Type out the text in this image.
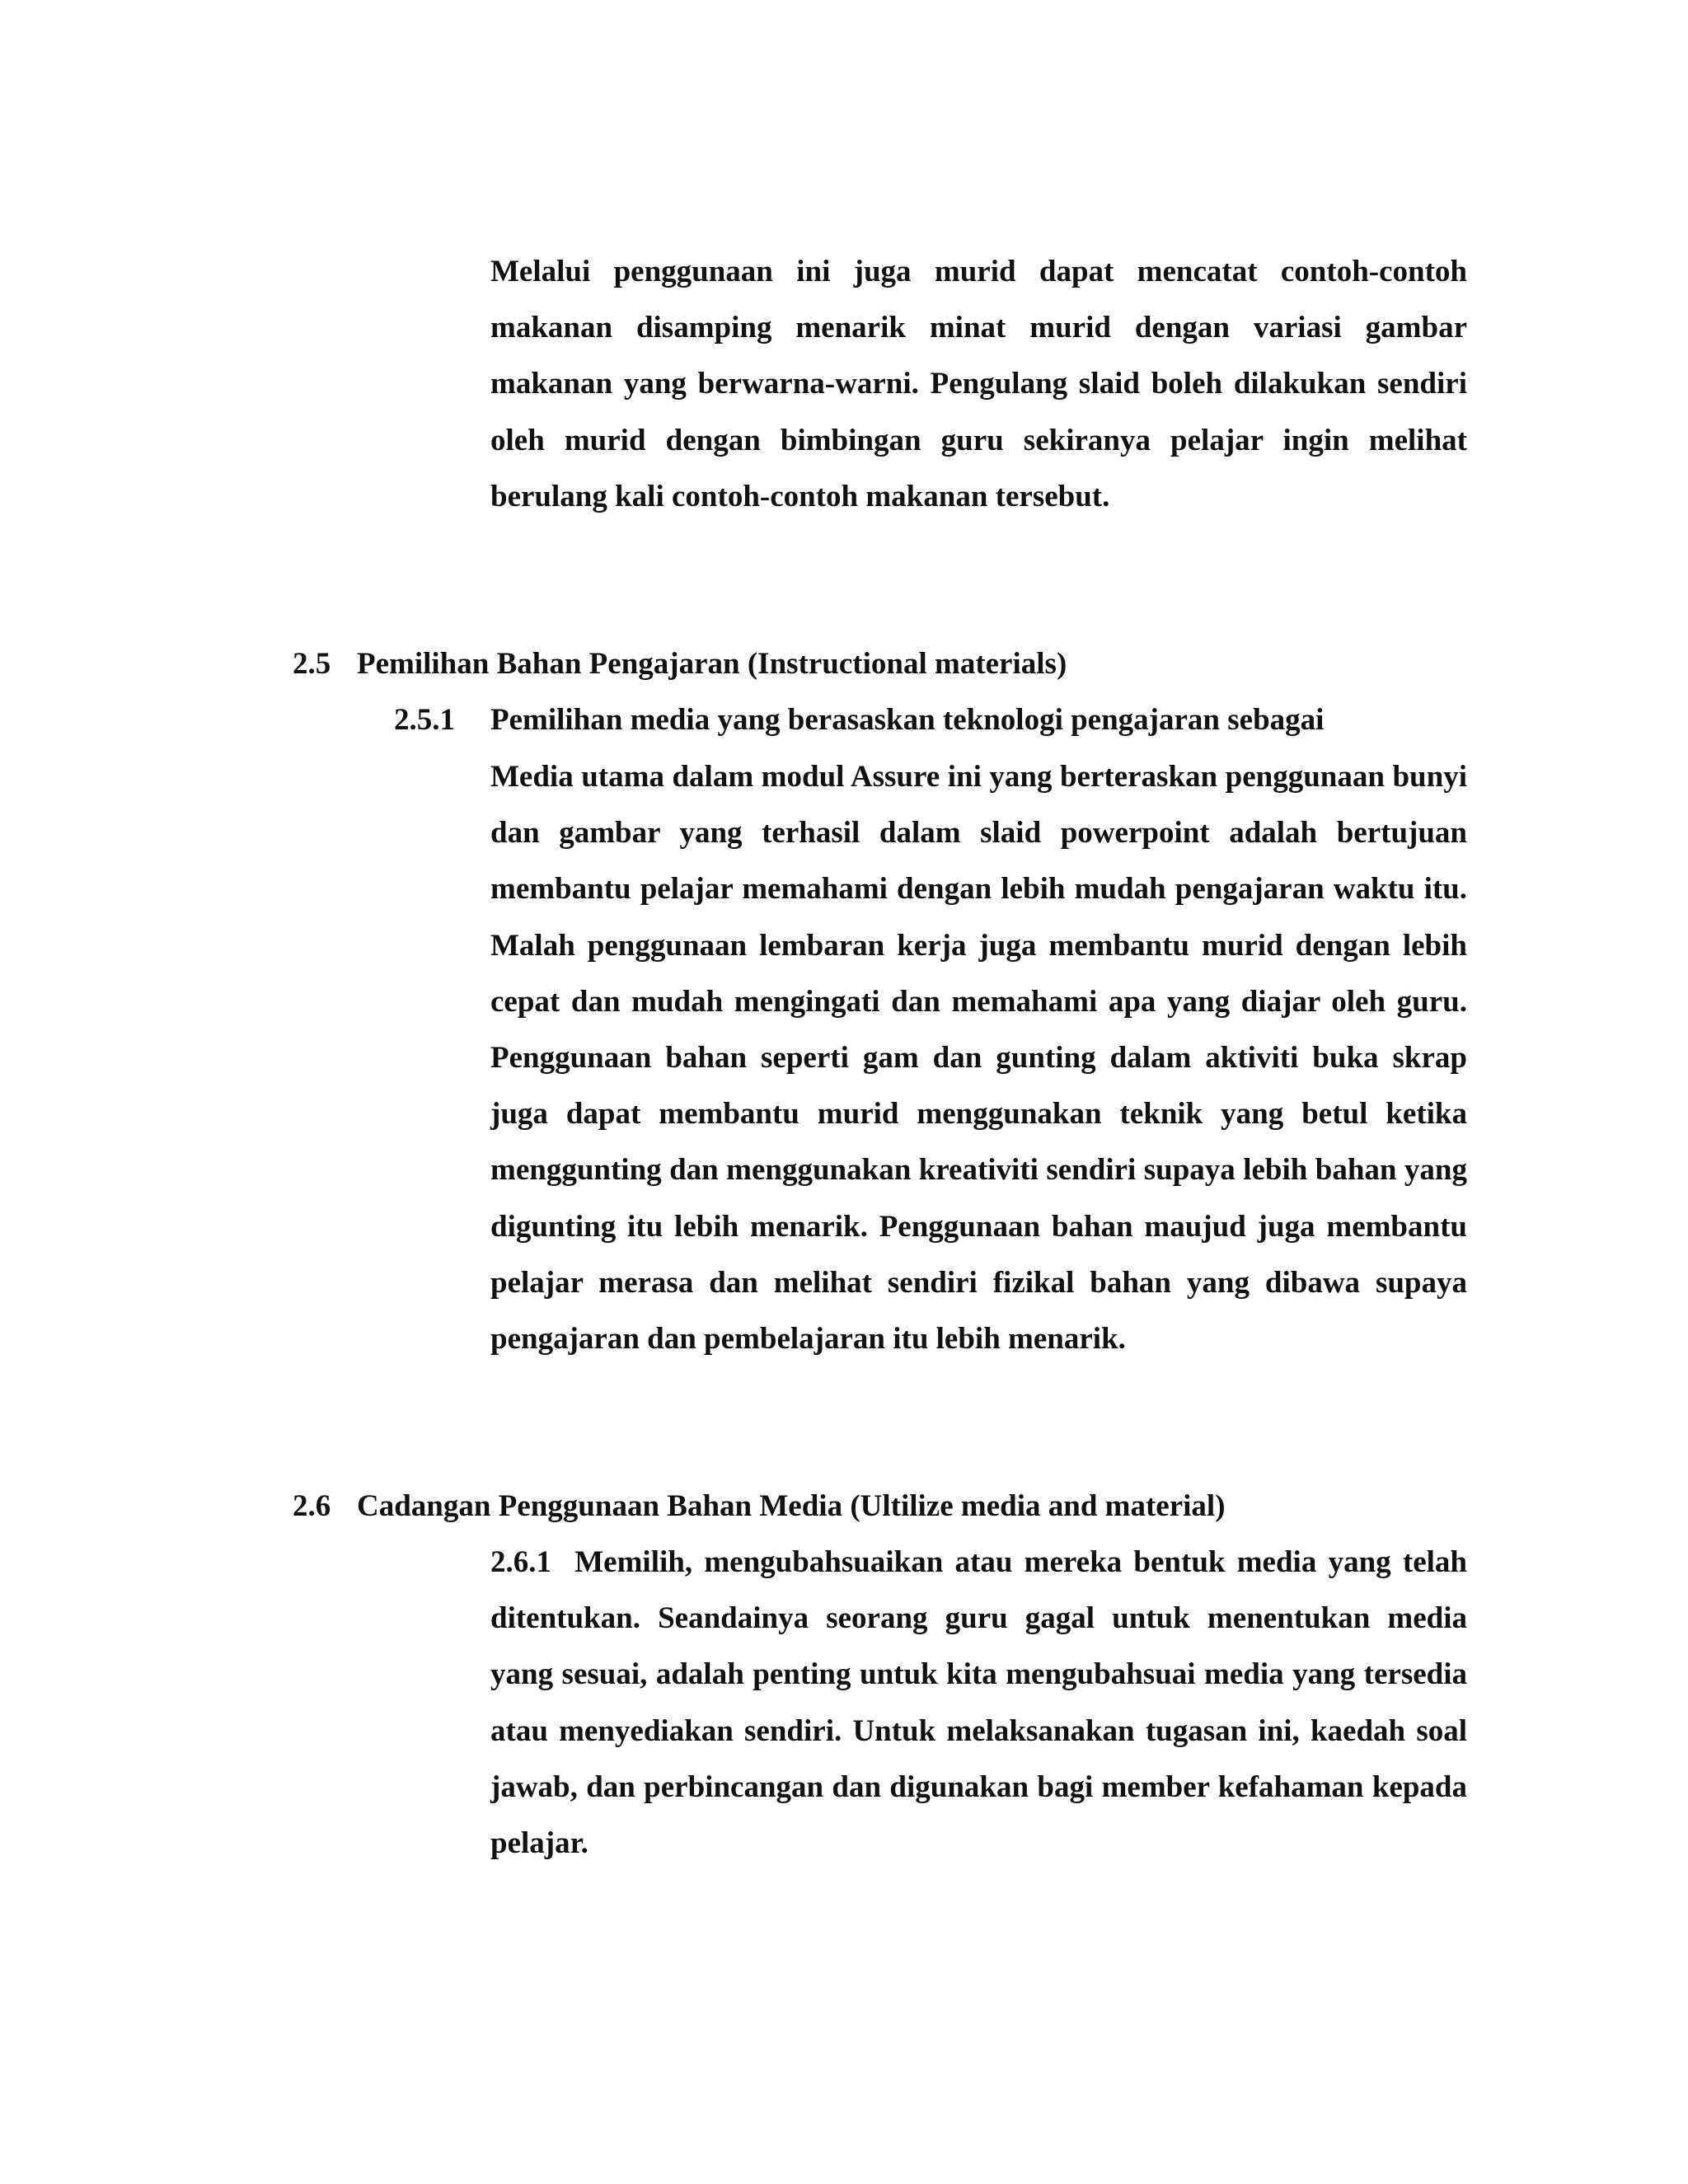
Melalui penggunaan ini juga murid dapat mencatat contoh-contoh makanan disamping menarik minat murid dengan variasi gambar makanan yang berwarna-warni. Pengulang slaid boleh dilakukan sendiri oleh murid dengan bimbingan guru sekiranya pelajar ingin melihat berulang kali contoh-contoh makanan tersebut.

2.5 Pemilihan Bahan Pengajaran (Instructional materials)
2.5.1 Pemilihan media yang berasaskan teknologi pengajaran sebagai

Media utama dalam modul Assure ini yang berteraskan penggunaan bunyi dan gambar yang terhasil dalam slaid powerpoint adalah bertujuan membantu pelajar memahami dengan lebih mudah pengajaran waktu itu. Malah penggunaan lembaran kerja juga membantu murid dengan lebih cepat dan mudah mengingati dan memahami apa yang diajar oleh guru. Penggunaan bahan seperti gam dan gunting dalam aktiviti buka skrap juga dapat membantu murid menggunakan teknik yang betul ketika menggunting dan menggunakan kreativiti sendiri supaya lebih bahan yang digunting itu lebih menarik. Penggunaan bahan maujud juga membantu pelajar merasa dan melihat sendiri fizikal bahan yang dibawa supaya pengajaran dan pembelajaran itu lebih menarik.

2.6 Cadangan Penggunaan Bahan Media (Ultilize media and material)

2.6.1 Memilih, mengubahsuaikan atau mereka bentuk media yang telah ditentukan. Seandainya seorang guru gagal untuk menentukan media yang sesuai, adalah penting untuk kita mengubahsuai media yang tersedia atau menyediakan sendiri. Untuk melaksanakan tugasan ini, kaedah soal jawab, dan perbincangan dan digunakan bagi member kefahaman kepada pelajar.
